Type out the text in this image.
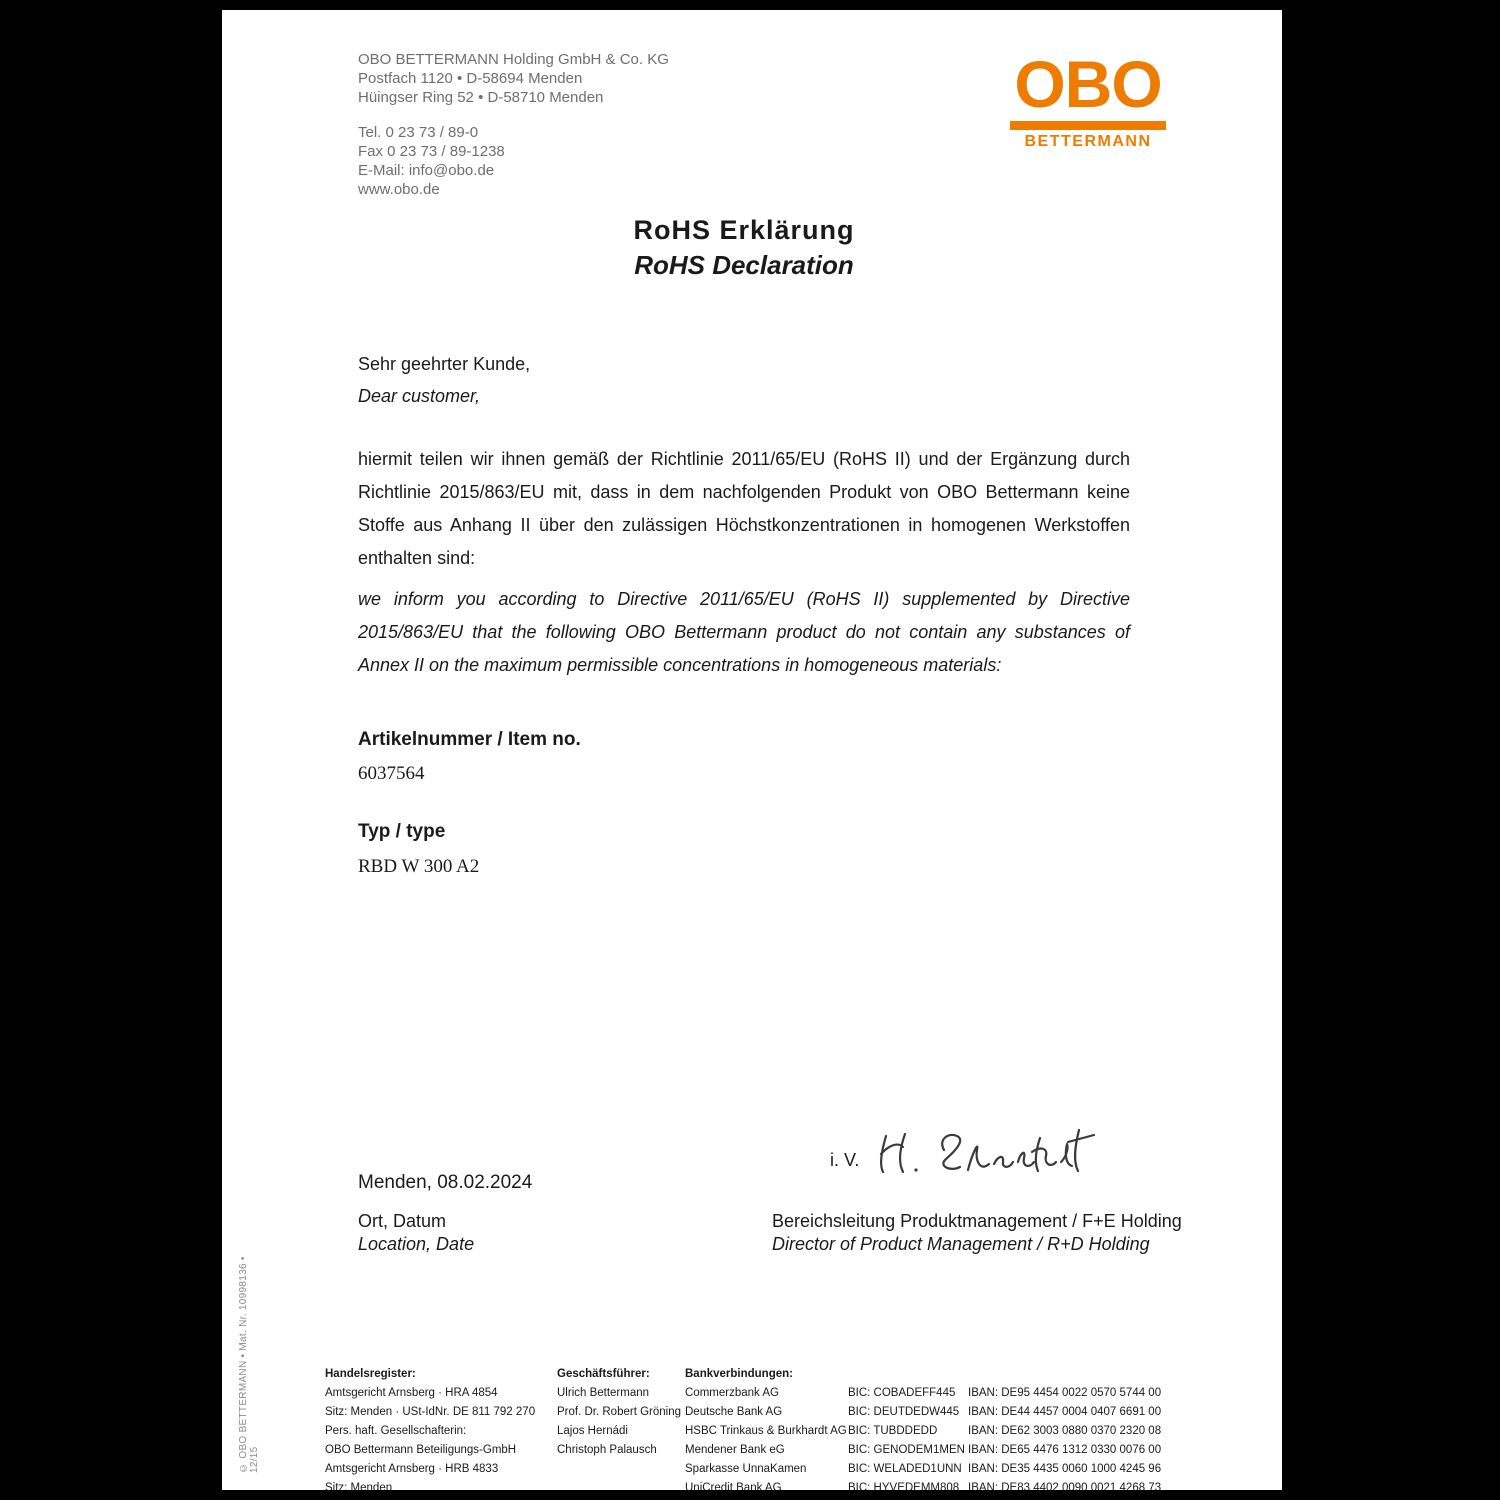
OBO BETTERMANN Holding GmbH & Co. KG
Postfach 1120 • D-58694 Menden
Hüingser Ring 52 • D-58710 Menden
Tel. 0 23 73 / 89-0
Fax 0 23 73 / 89-1238
E-Mail: info@obo.de
www.obo.de
OBO
BETTERMANN
RoHS Erklärung
RoHS Declaration
Sehr geehrter Kunde,
Dear customer,
hiermit teilen wir ihnen gemäß der Richtlinie 2011/65/EU (RoHS II) und der Ergänzung durch Richtlinie 2015/863/EU mit, dass in dem nachfolgenden Produkt von OBO Bettermann keine Stoffe aus Anhang II über den zulässigen Höchstkonzentrationen in homogenen Werkstoffen enthalten sind:
we inform you according to Directive 2011/65/EU (RoHS II) supplemented by Directive 2015/863/EU that the following OBO Bettermann product do not contain any substances of Annex II on the maximum permissible concentrations in homogeneous materials:
Artikelnummer / Item no.
6037564
Typ / type
RBD W 300 A2
i. V.
Menden, 08.02.2024
Ort, Datum
Location, Date
Bereichsleitung Produktmanagement / F+E Holding
Director of Product Management / R+D Holding
Handelsregister:
Amtsgericht Arnsberg · HRA 4854
Sitz: Menden · USt-IdNr. DE 811 792 270
Pers. haft. Gesellschafterin:
OBO Bettermann Beteiligungs-GmbH
Amtsgericht Arnsberg · HRB 4833
Sitz: Menden
Geschäftsführer:
Ulrich Bettermann
Prof. Dr. Robert Gröning
Lajos Hernádi
Christoph Palausch
Bankverbindungen:
Commerzbank AG
Deutsche Bank AG
HSBC Trinkaus & Burkhardt AG
Mendener Bank eG
Sparkasse UnnaKamen
UniCredit Bank AG
BIC: COBADEFF445
BIC: DEUTDEDW445
BIC: TUBDDEDD
BIC: GENODEM1MEN
BIC: WELADED1UNN
BIC: HYVEDEMM808
IBAN: DE95 4454 0022 0570 5744 00
IBAN: DE44 4457 0004 0407 6691 00
IBAN: DE62 3003 0880 0370 2320 08
IBAN: DE65 4476 1312 0330 0076 00
IBAN: DE35 4435 0060 1000 4245 96
IBAN: DE83 4402 0090 0021 4268 73
© OBO BETTERMANN • Mat. Nr. 10998136 • 12/15
